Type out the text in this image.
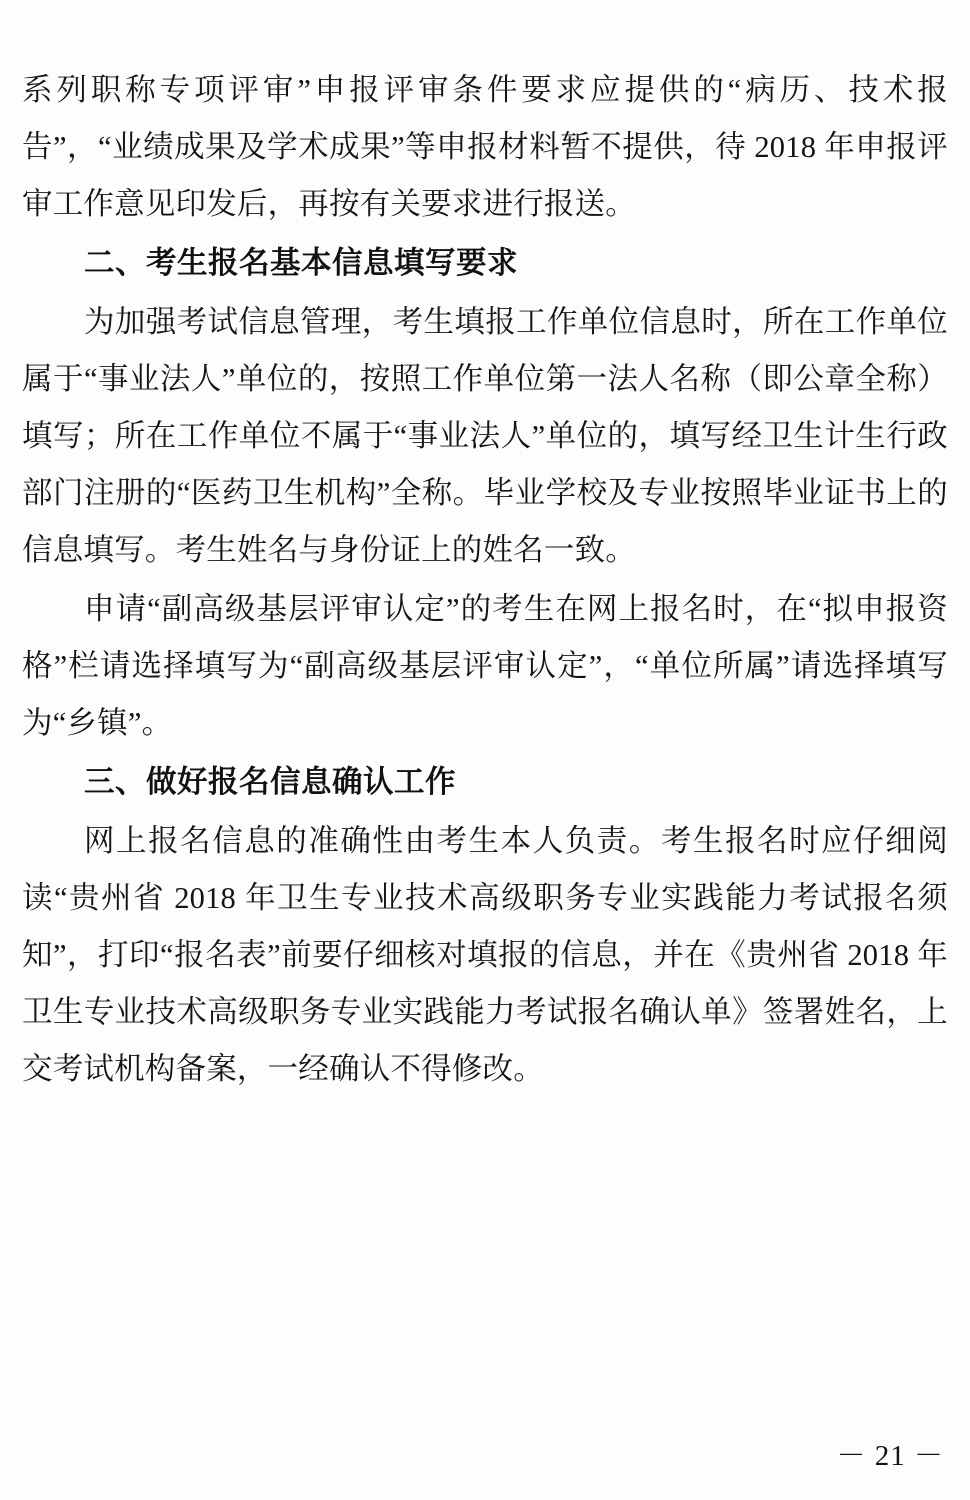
系列职称专项评审”申报评审条件要求应提供的“病历、技术报告”，“业绩成果及学术成果”等申报材料暂不提供，待 2018 年申报评审工作意见印发后，再按有关要求进行报送。

二、考生报名基本信息填写要求

为加强考试信息管理，考生填报工作单位信息时，所在工作单位属于“事业法人”单位的，按照工作单位第一法人名称（即公章全称）填写；所在工作单位不属于“事业法人”单位的，填写经卫生计生行政部门注册的“医药卫生机构”全称。毕业学校及专业按照毕业证书上的信息填写。考生姓名与身份证上的姓名一致。

申请“副高级基层评审认定”的考生在网上报名时，在“拟申报资格”栏请选择填写为“副高级基层评审认定”，“单位所属”请选择填写为“乡镇”。

三、做好报名信息确认工作

网上报名信息的准确性由考生本人负责。考生报名时应仔细阅读“贵州省 2018 年卫生专业技术高级职务专业实践能力考试报名须知”，打印“报名表”前要仔细核对填报的信息，并在《贵州省 2018 年卫生专业技术高级职务专业实践能力考试报名确认单》签署姓名，上交考试机构备案，一经确认不得修改。

－ 21 －
